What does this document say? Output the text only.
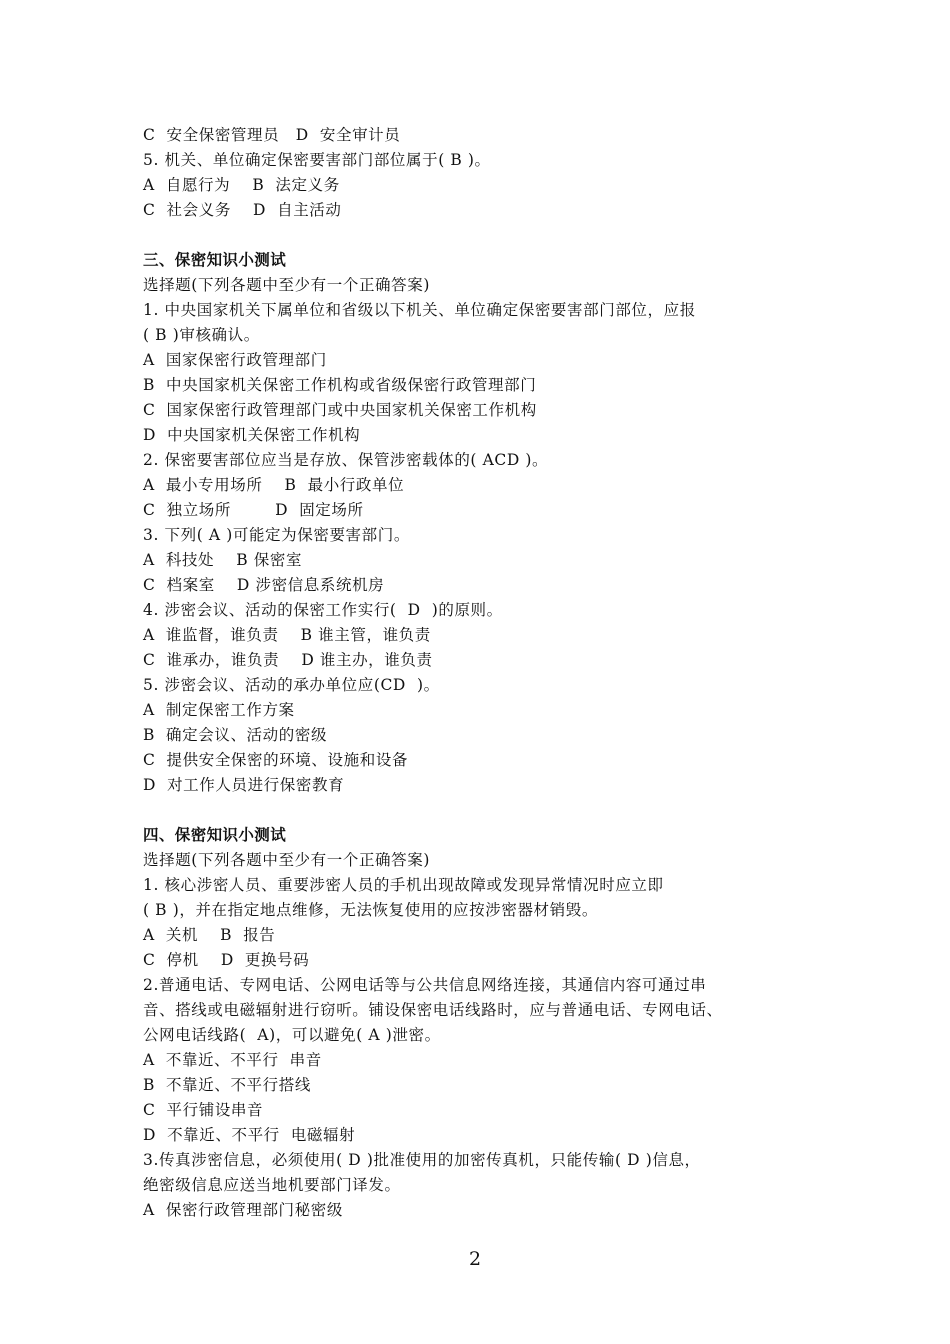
C  安全保密管理员   D  安全审计员
5. 机关、单位确定保密要害部门部位属于( B )。
A  自愿行为    B  法定义务
C  社会义务    D  自主活动
三、保密知识小测试
选择题(下列各题中至少有一个正确答案)
1. 中央国家机关下属单位和省级以下机关、单位确定保密要害部门部位，应报
( B )审核确认。
A  国家保密行政管理部门
B  中央国家机关保密工作机构或省级保密行政管理部门
C  国家保密行政管理部门或中央国家机关保密工作机构
D  中央国家机关保密工作机构
2. 保密要害部位应当是存放、保管涉密载体的( ACD )。
A  最小专用场所    B  最小行政单位
C  独立场所        D  固定场所
3. 下列( A )可能定为保密要害部门。
A  科技处    B 保密室
C  档案室    D 涉密信息系统机房
4. 涉密会议、活动的保密工作实行(  D  )的原则。
A  谁监督，谁负责    B 谁主管，谁负责
C  谁承办，谁负责    D 谁主办，谁负责
5. 涉密会议、活动的承办单位应(CD  )。
A  制定保密工作方案
B  确定会议、活动的密级
C  提供安全保密的环境、设施和设备
D  对工作人员进行保密教育
四、保密知识小测试
选择题(下列各题中至少有一个正确答案)
1. 核心涉密人员、重要涉密人员的手机出现故障或发现异常情况时应立即
( B )，并在指定地点维修，无法恢复使用的应按涉密器材销毁。
A  关机    B  报告
C  停机    D  更换号码
2.普通电话、专网电话、公网电话等与公共信息网络连接，其通信内容可通过串
音、搭线或电磁辐射进行窃听。铺设保密电话线路时，应与普通电话、专网电话、
公网电话线路(  A)，可以避免( A )泄密。
A  不靠近、不平行  串音
B  不靠近、不平行搭线
C  平行铺设串音
D  不靠近、不平行  电磁辐射
3.传真涉密信息，必须使用( D )批准使用的加密传真机，只能传输( D )信息，
绝密级信息应送当地机要部门译发。
A  保密行政管理部门秘密级
2
